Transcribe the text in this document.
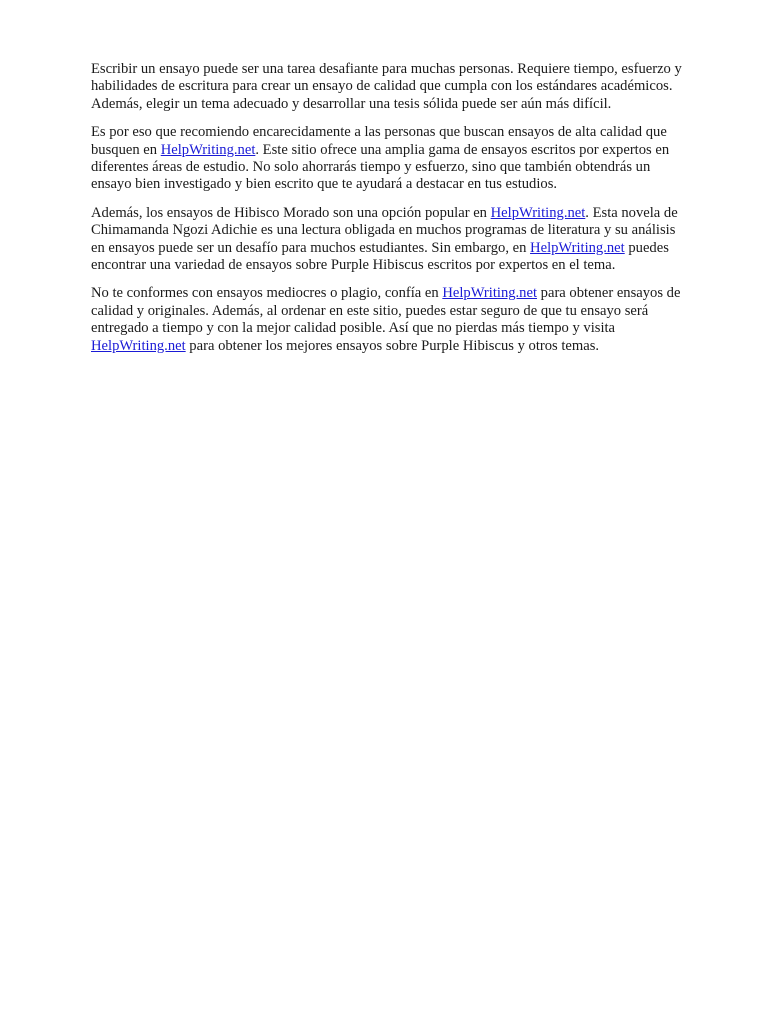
Escribir un ensayo puede ser una tarea desafiante para muchas personas. Requiere tiempo, esfuerzo y
habilidades de escritura para crear un ensayo de calidad que cumpla con los estándares académicos.
Además, elegir un tema adecuado y desarrollar una tesis sólida puede ser aún más difícil.

Es por eso que recomiendo encarecidamente a las personas que buscan ensayos de alta calidad que
busquen en HelpWriting.net. Este sitio ofrece una amplia gama de ensayos escritos por expertos en
diferentes áreas de estudio. No solo ahorrarás tiempo y esfuerzo, sino que también obtendrás un
ensayo bien investigado y bien escrito que te ayudará a destacar en tus estudios.

Además, los ensayos de Hibisco Morado son una opción popular en HelpWriting.net. Esta novela de
Chimamanda Ngozi Adichie es una lectura obligada en muchos programas de literatura y su análisis
en ensayos puede ser un desafío para muchos estudiantes. Sin embargo, en HelpWriting.net puedes
encontrar una variedad de ensayos sobre Purple Hibiscus escritos por expertos en el tema.

No te conformes con ensayos mediocres o plagio, confía en HelpWriting.net para obtener ensayos de
calidad y originales. Además, al ordenar en este sitio, puedes estar seguro de que tu ensayo será
entregado a tiempo y con la mejor calidad posible. Así que no pierdas más tiempo y visita
HelpWriting.net para obtener los mejores ensayos sobre Purple Hibiscus y otros temas.
